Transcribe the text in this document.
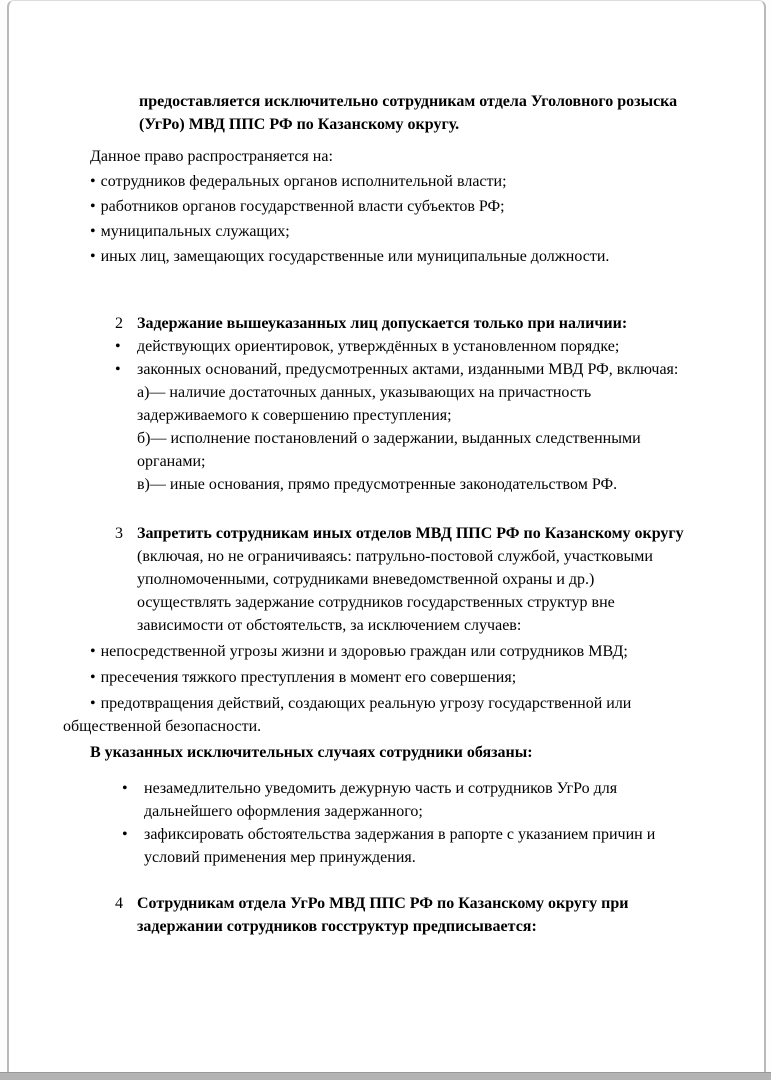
предоставляется исключительно сотрудникам отдела Уголовного розыска (УгРо) МВД ППС РФ по Казанскому округу.
Данное право распространяется на:
• сотрудников федеральных органов исполнительной власти;
• работников органов государственной власти субъектов РФ;
• муниципальных служащих;
• иных лиц, замещающих государственные или муниципальные должности.
2 Задержание вышеуказанных лиц допускается только при наличии:
• действующих ориентировок, утверждённых в установленном порядке;
• законных оснований, предусмотренных актами, изданными МВД РФ, включая:
а)— наличие достаточных данных, указывающих на причастность задерживаемого к совершению преступления;
б)— исполнение постановлений о задержании, выданных следственными органами;
в)— иные основания, прямо предусмотренные законодательством РФ.
3 Запретить сотрудникам иных отделов МВД ППС РФ по Казанскому округу (включая, но не ограничиваясь: патрульно-постовой службой, участковыми уполномоченными, сотрудниками вневедомственной охраны и др.) осуществлять задержание сотрудников государственных структур вне зависимости от обстоятельств, за исключением случаев:
• непосредственной угрозы жизни и здоровью граждан или сотрудников МВД;
• пресечения тяжкого преступления в момент его совершения;
• предотвращения действий, создающих реальную угрозу государственной или общественной безопасности.
В указанных исключительных случаях сотрудники обязаны:
• незамедлительно уведомить дежурную часть и сотрудников УгРо для дальнейшего оформления задержанного;
• зафиксировать обстоятельства задержания в рапорте с указанием причин и условий применения мер принуждения.
4 Сотрудникам отдела УгРо МВД ППС РФ по Казанскому округу при задержании сотрудников госструктур предписывается:
